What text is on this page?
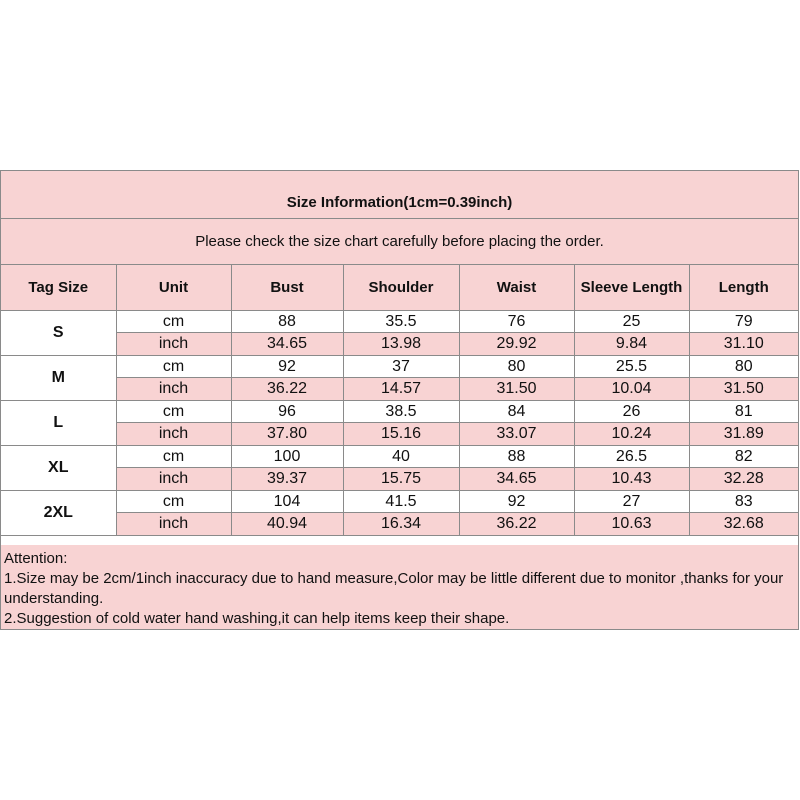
Size Information(1cm=0.39inch)
Please check the size chart carefully before placing the order.
Tag Size	Unit	Bust	Shoulder	Waist	Sleeve Length	Length
S	cm	88	35.5	76	25	79
	inch	34.65	13.98	29.92	9.84	31.10
M	cm	92	37	80	25.5	80
	inch	36.22	14.57	31.50	10.04	31.50
L	cm	96	38.5	84	26	81
	inch	37.80	15.16	33.07	10.24	31.89
XL	cm	100	40	88	26.5	82
	inch	39.37	15.75	34.65	10.43	32.28
2XL	cm	104	41.5	92	27	83
	inch	40.94	16.34	36.22	10.63	32.68

Attention:

1.Size may be 2cm/1inch inaccuracy due to hand measure,Color may be little different due to monitor ,thanks for your understanding.

2.Suggestion of cold water hand washing,it can help items keep their shape.
